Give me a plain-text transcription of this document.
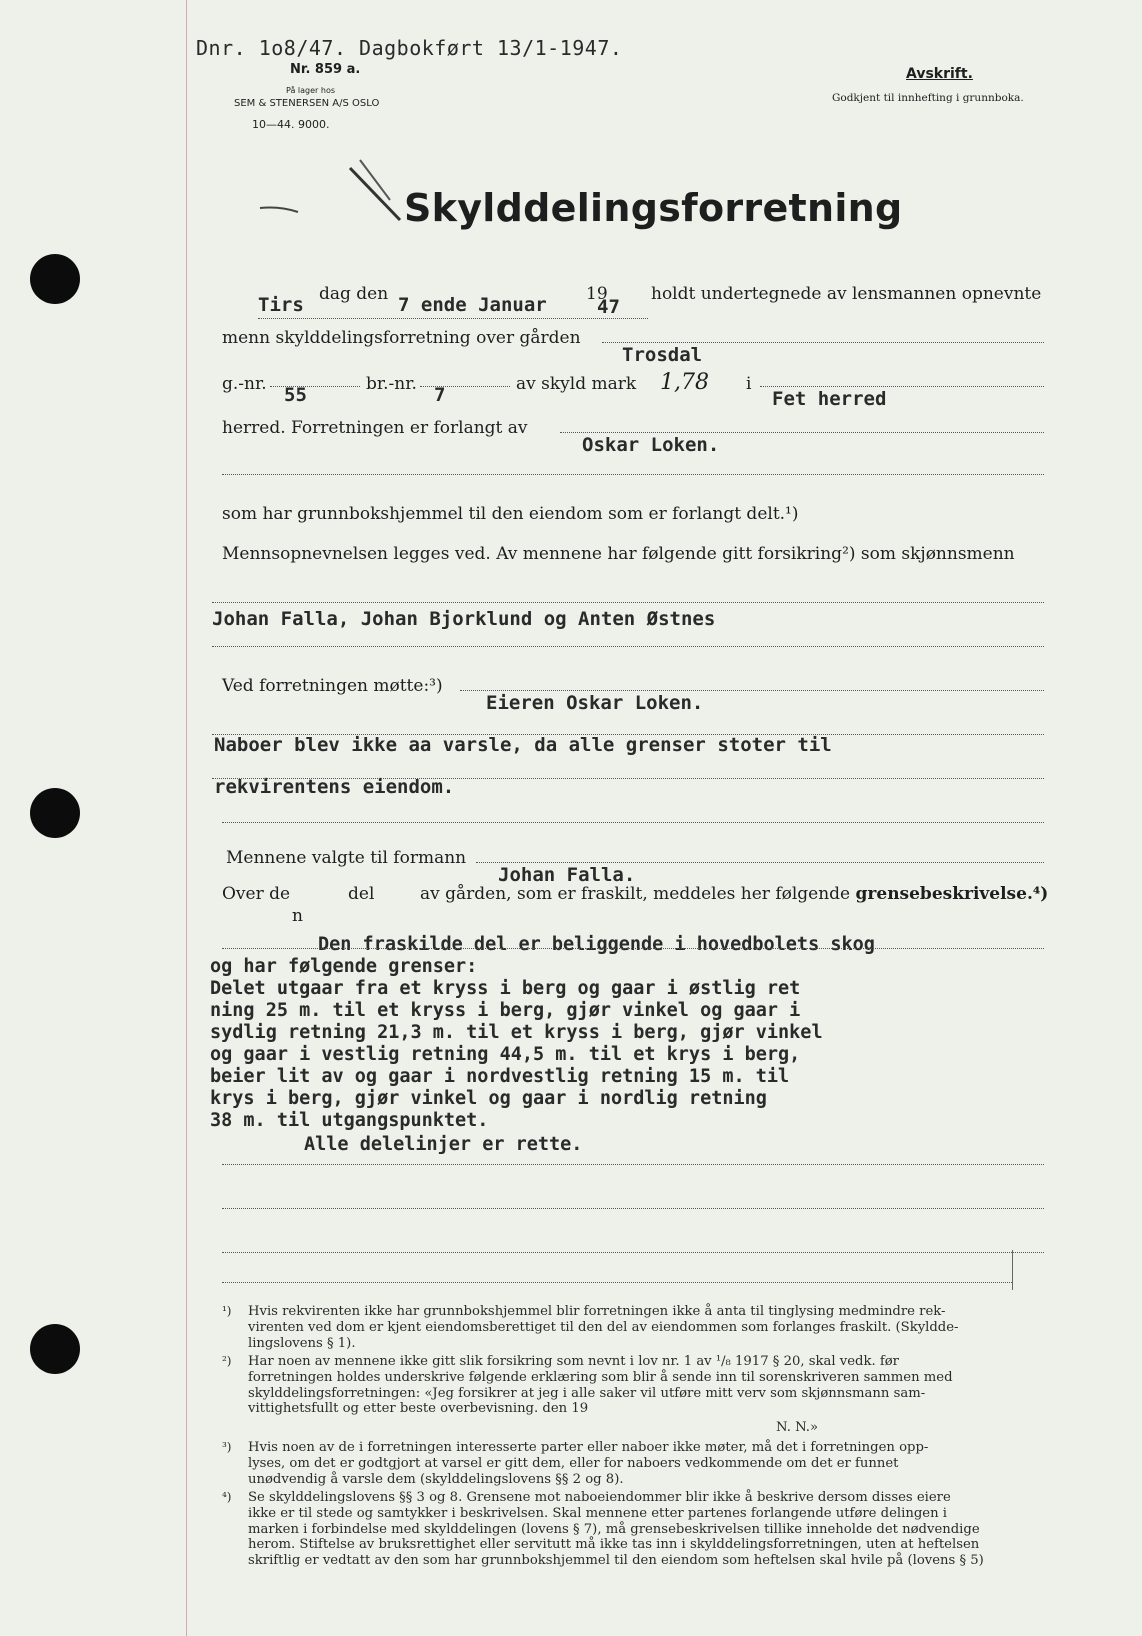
Dnr. 1o8/47. Dagbokført 13/1-1947.
Nr. 859 a.
På lager hos
SEM & STENERSEN A/S OSLO
10—44. 9000.
Avskrift.
Godkjent til innhefting i grunnboka.
Skylddelingsforretning
Tirs dag den 7 ende Januar 19
47
holdt undertegnede av lensmannen opnevnte
menn skylddelingsforretning over gården
Trosdal
g.-nr. 55	br.-nr. 7	av skyld mark 1,78 i
Fet herred
herred. Forretningen er forlangt av
Oskar Loken.
som har grunnbokshjemmel til den eiendom som er forlangt delt.¹)
Mennsopnevnelsen legges ved. Av mennene har følgende gitt forsikring²) som skjønnsmenn
Johan Falla, Johan Bjorklund og Anten Østnes
Ved forretningen møtte:³)
Eieren Oskar Loken.
Naboer blev ikke aa varsle, da alle grenser stoter til
rekvirentens eiendom.
Mennene valgte til formann
Johan Falla.
Over de	del
n
av gården, som er fraskilt, meddeles her følgende grensebeskrivelse.⁴)
Den fraskilde del er beliggende i hovedbolets skog
og har følgende grenser:
Delet utgaar fra et kryss i berg og gaar i østlig ret
ning 25 m. til et kryss i berg, gjør vinkel og gaar i
sydlig retning 21,3 m. til et kryss i berg, gjør vinkel
og gaar i vestlig retning 44,5 m. til et krys i berg,
beier lit av og gaar i nordvestlig retning 15 m. til
krys i berg, gjør vinkel og gaar i nordlig retning
38 m. til utgangspunktet.
Alle delelinjer er rette.
¹) Hvis rekvirenten ikke har grunnbokshjemmel blir forretningen ikke å anta til tinglysing medmindre rek-
virenten ved dom er kjent eiendomsberettiget til den del av eiendommen som forlanges fraskilt. (Skyldde-
lingslovens § 1).
²) Har noen av mennene ikke gitt slik forsikring som nevnt i lov nr. 1 av ¹/₈ 1917 § 20, skal vedk. før
forretningen holdes underskrive følgende erklæring som blir å sende inn til sorenskriveren sammen med
skylddelingsforretningen: «Jeg forsikrer at jeg i alle saker vil utføre mitt verv som skjønnsmann sam-
vittighetsfullt og etter beste overbevisning. den 19
N. N.»
³) Hvis noen av de i forretningen interesserte parter eller naboer ikke møter, må det i forretningen opp-
lyses, om det er godtgjort at varsel er gitt dem, eller for naboers vedkommende om det er funnet
unødvendig å varsle dem (skylddelingslovens §§ 2 og 8).
⁴) Se skylddelingslovens §§ 3 og 8. Grensene mot naboeiendommer blir ikke å beskrive dersom disses eiere
ikke er til stede og samtykker i beskrivelsen. Skal mennene etter partenes forlangende utføre delingen i
marken i forbindelse med skylddelingen (lovens § 7), må grensebeskrivelsen tillike inneholde det nødvendige
herom. Stiftelse av bruksrettighet eller servitutt må ikke tas inn i skylddelingsforretningen, uten at heftelsen
skriftlig er vedtatt av den som har grunnbokshjemmel til den eiendom som heftelsen skal hvile på (lovens § 5)
